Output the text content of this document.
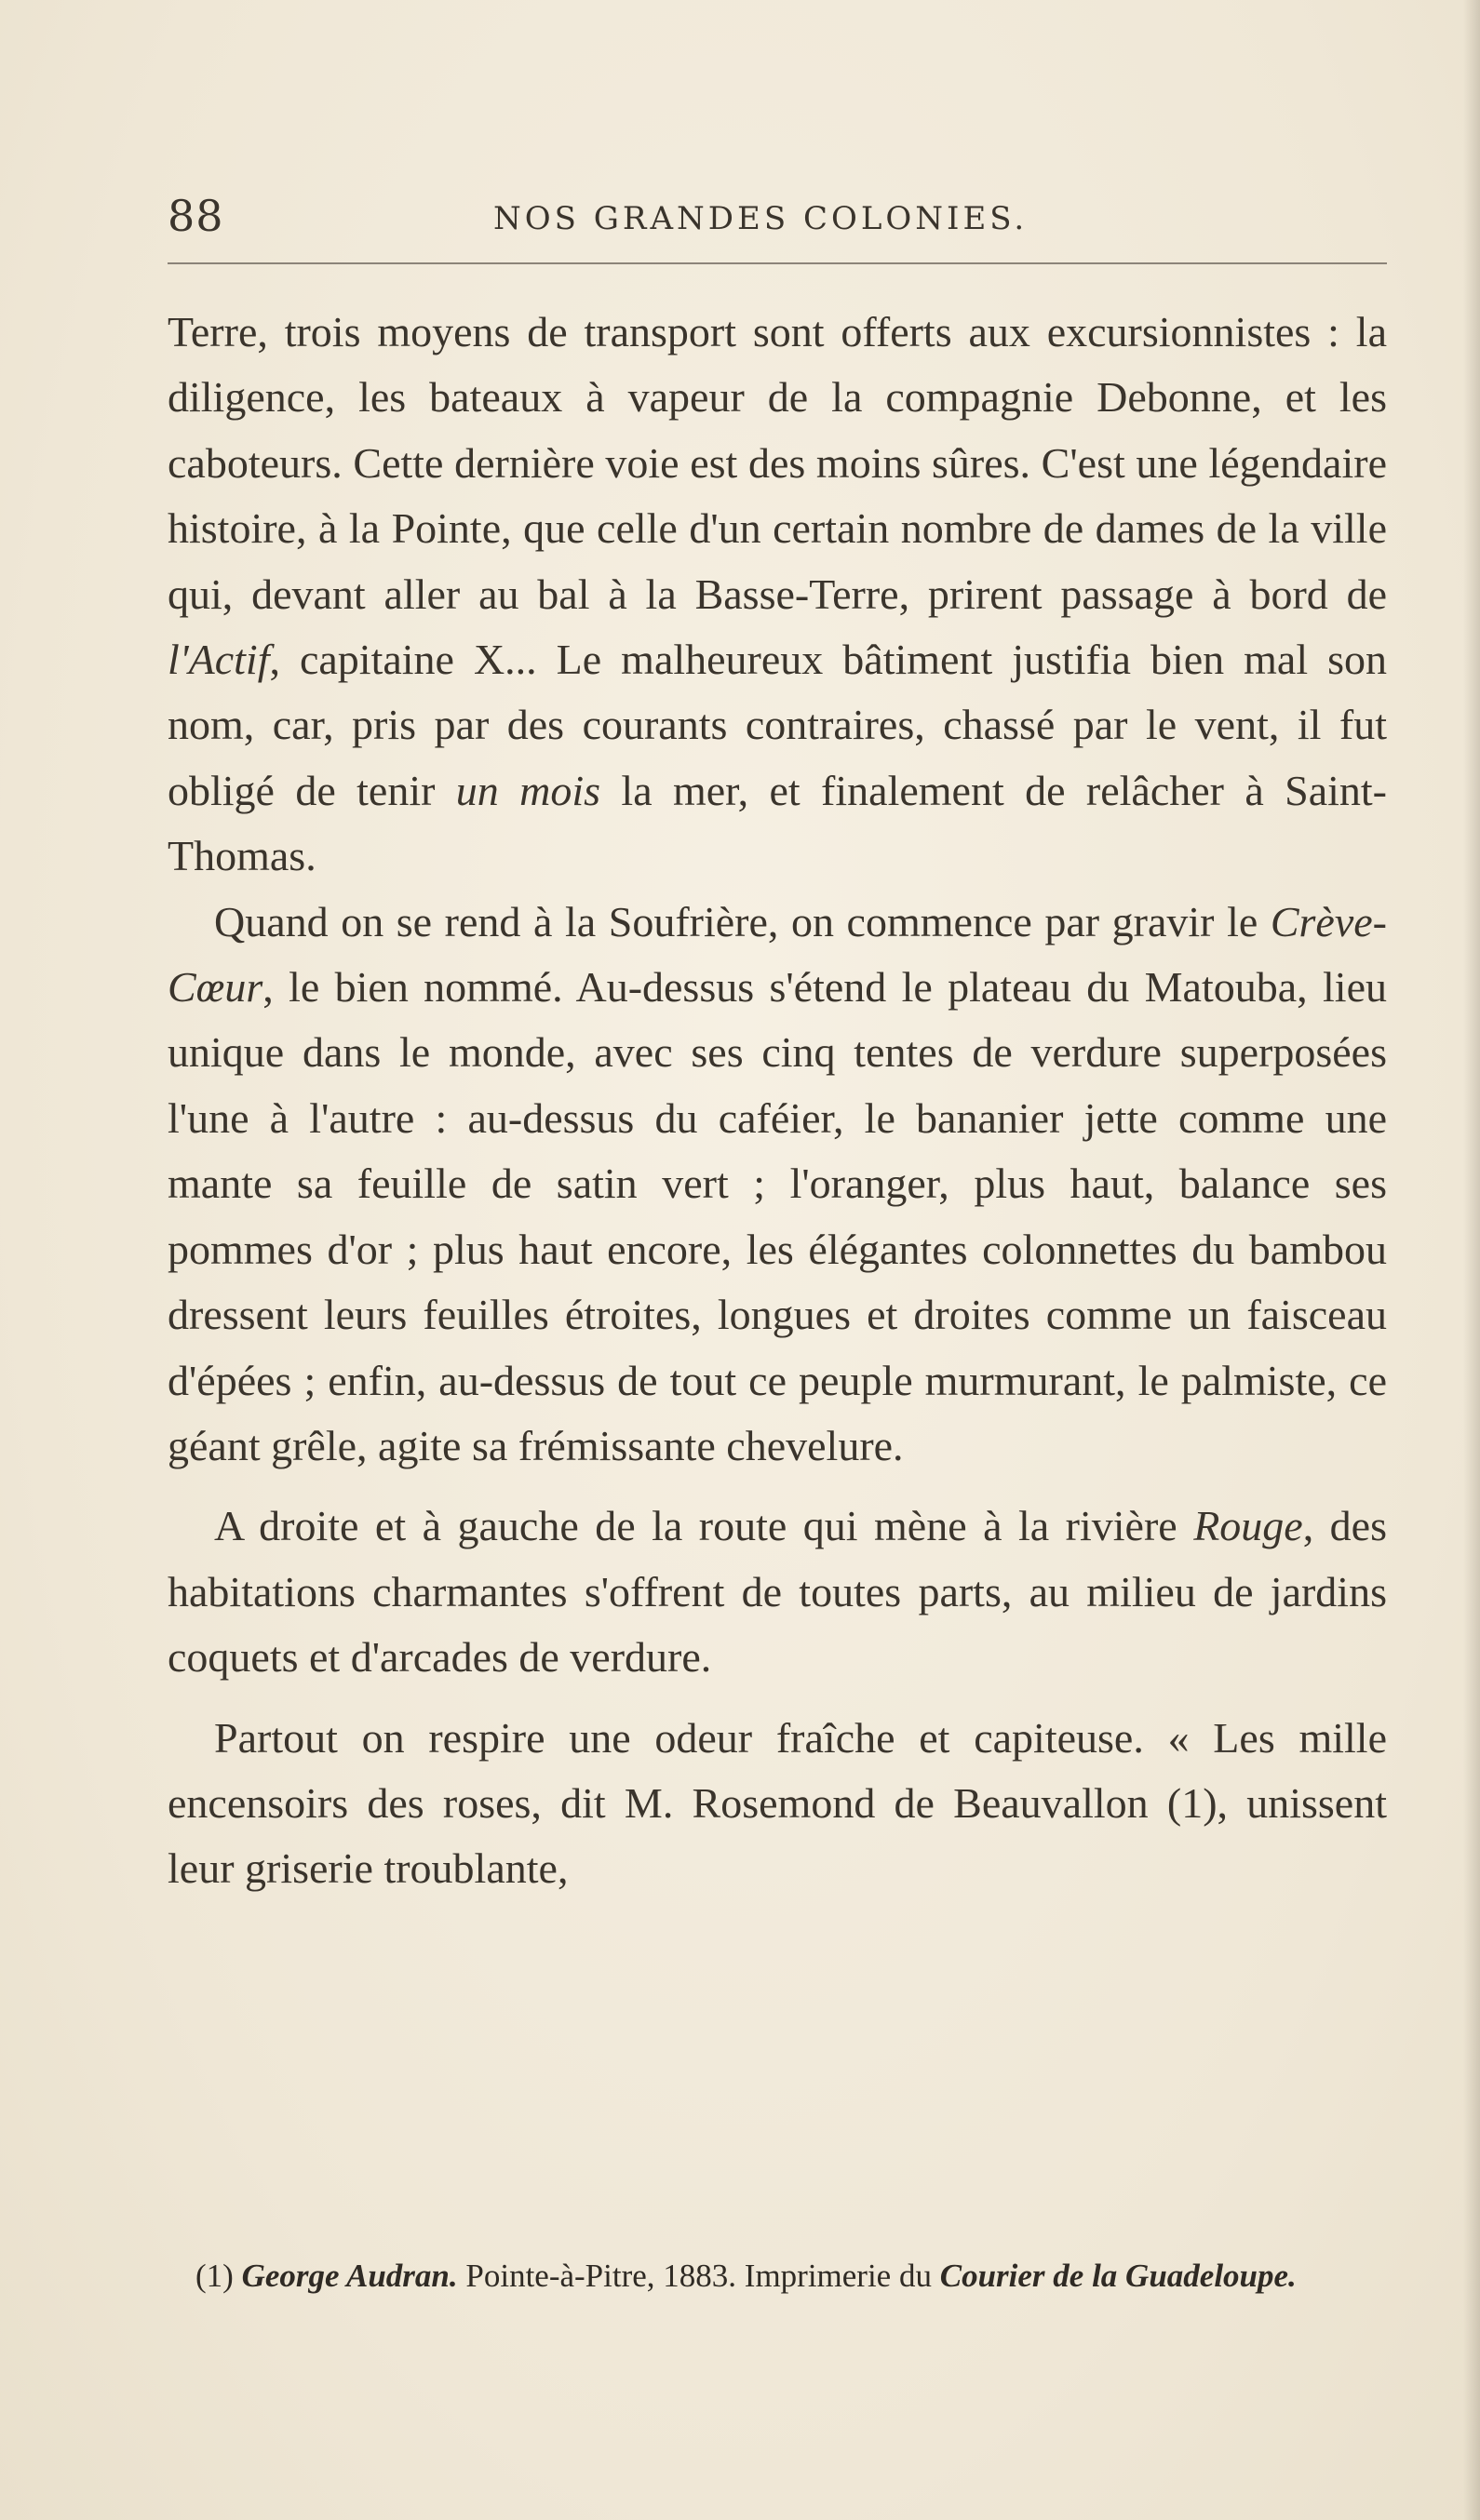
88	NOS GRANDES COLONIES.

Terre, trois moyens de transport sont offerts aux excursionnistes : la diligence, les bateaux à vapeur de la compagnie Debonne, et les caboteurs. Cette dernière voie est des moins sûres. C'est une légendaire histoire, à la Pointe, que celle d'un certain nombre de dames de la ville qui, devant aller au bal à la Basse-Terre, prirent passage à bord de l'Actif, capitaine X... Le malheureux bâtiment justifia bien mal son nom, car, pris par des courants contraires, chassé par le vent, il fut obligé de tenir un mois la mer, et finalement de relâcher à Saint-Thomas.

Quand on se rend à la Soufrière, on commence par gravir le Crève-Cœur, le bien nommé. Au-dessus s'étend le plateau du Matouba, lieu unique dans le monde, avec ses cinq tentes de verdure superposées l'une à l'autre : au-dessus du caféier, le bananier jette comme une mante sa feuille de satin vert ; l'oranger, plus haut, balance ses pommes d'or ; plus haut encore, les élégantes colonnettes du bambou dressent leurs feuilles étroites, longues et droites comme un faisceau d'épées ; enfin, au-dessus de tout ce peuple murmurant, le palmiste, ce géant grêle, agite sa frémissante chevelure.

A droite et à gauche de la route qui mène à la rivière Rouge, des habitations charmantes s'offrent de toutes parts, au milieu de jardins coquets et d'arcades de verdure.

Partout on respire une odeur fraîche et capiteuse. « Les mille encensoirs des roses, dit M. Rosemond de Beauvallon (1), unissent leur griserie troublante,

(1) George Audran. Pointe-à-Pitre, 1883. Imprimerie du Courier de la Guadeloupe.
